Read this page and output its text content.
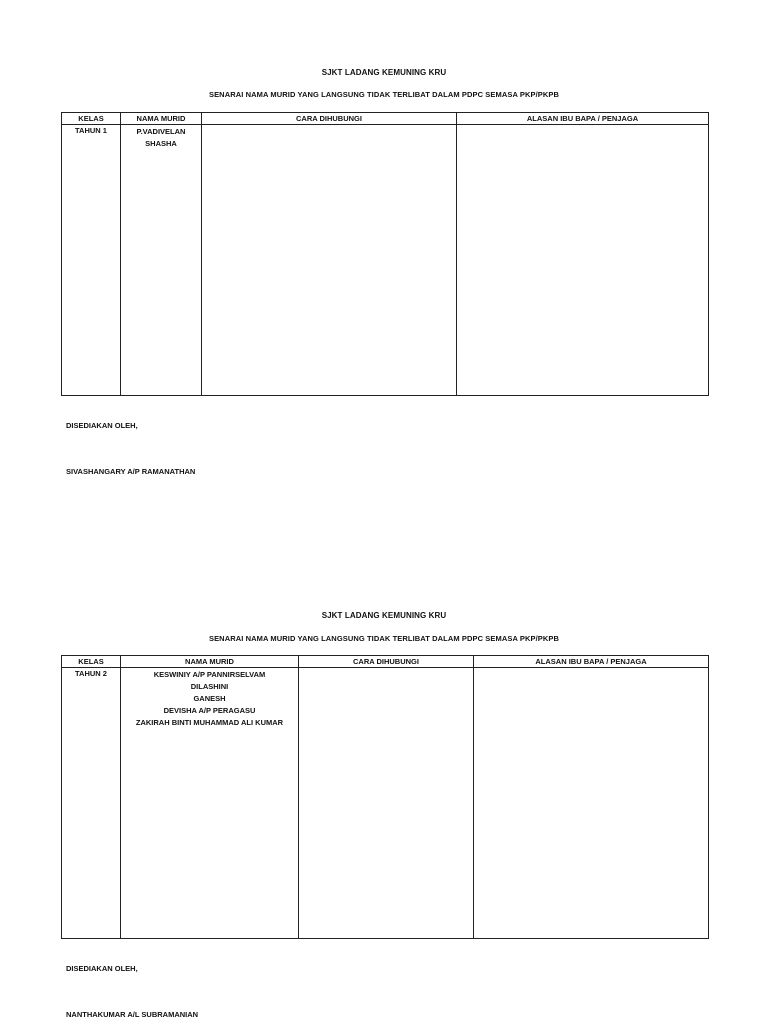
SJKT LADANG KEMUNING KRU
SENARAI NAMA MURID YANG LANGSUNG TIDAK TERLIBAT DALAM PDPC SEMASA PKP/PKPB
KELAS	NAMA MURID	CARA DIHUBUNGI	ALASAN IBU BAPA / PENJAGA
TAHUN 1	P.VADIVELAN
SHASHA		

DISEDIAKAN OLEH,
SIVASHANGARY A/P RAMANATHAN
SJKT LADANG KEMUNING KRU
SENARAI NAMA MURID YANG LANGSUNG TIDAK TERLIBAT DALAM PDPC SEMASA PKP/PKPB
KELAS	NAMA MURID	CARA DIHUBUNGI	ALASAN IBU BAPA / PENJAGA
TAHUN 2	KESWINIY A/P PANNIRSELVAM
DILASHINI
GANESH
DEVISHA A/P PERAGASU
ZAKIRAH BINTI MUHAMMAD ALI KUMAR		

DISEDIAKAN OLEH,
NANTHAKUMAR A/L SUBRAMANIAN
